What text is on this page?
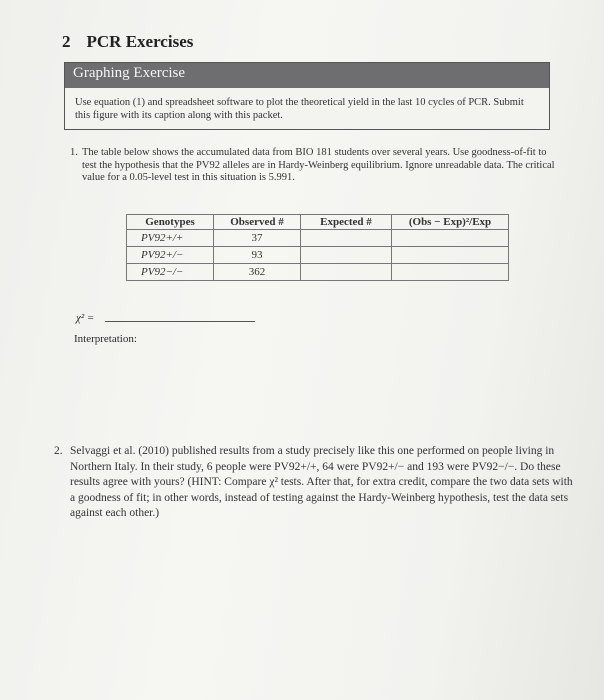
2 PCR Exercises
Graphing Exercise
Use equation (1) and spreadsheet software to plot the theoretical yield in the last 10 cycles of PCR. Submit this figure with its caption along with this packet.
1. The table below shows the accumulated data from BIO 181 students over several years. Use goodness-of-fit to test the hypothesis that the PV92 alleles are in Hardy-Weinberg equilibrium. Ignore unreadable data. The critical value for a 0.05-level test in this situation is 5.991.
Genotypes	Observed #	Expected #	(Obs − Exp)²/Exp
PV92+/+	37		
PV92+/−	93		
PV92−/−	362		
χ² =
Interpretation:
2. Selvaggi et al. (2010) published results from a study precisely like this one performed on people living in Northern Italy. In their study, 6 people were PV92+/+, 64 were PV92+/− and 193 were PV92−/−. Do these results agree with yours? (HINT: Compare χ² tests. After that, for extra credit, compare the two data sets with a goodness of fit; in other words, instead of testing against the Hardy-Weinberg hypothesis, test the data sets against each other.)
